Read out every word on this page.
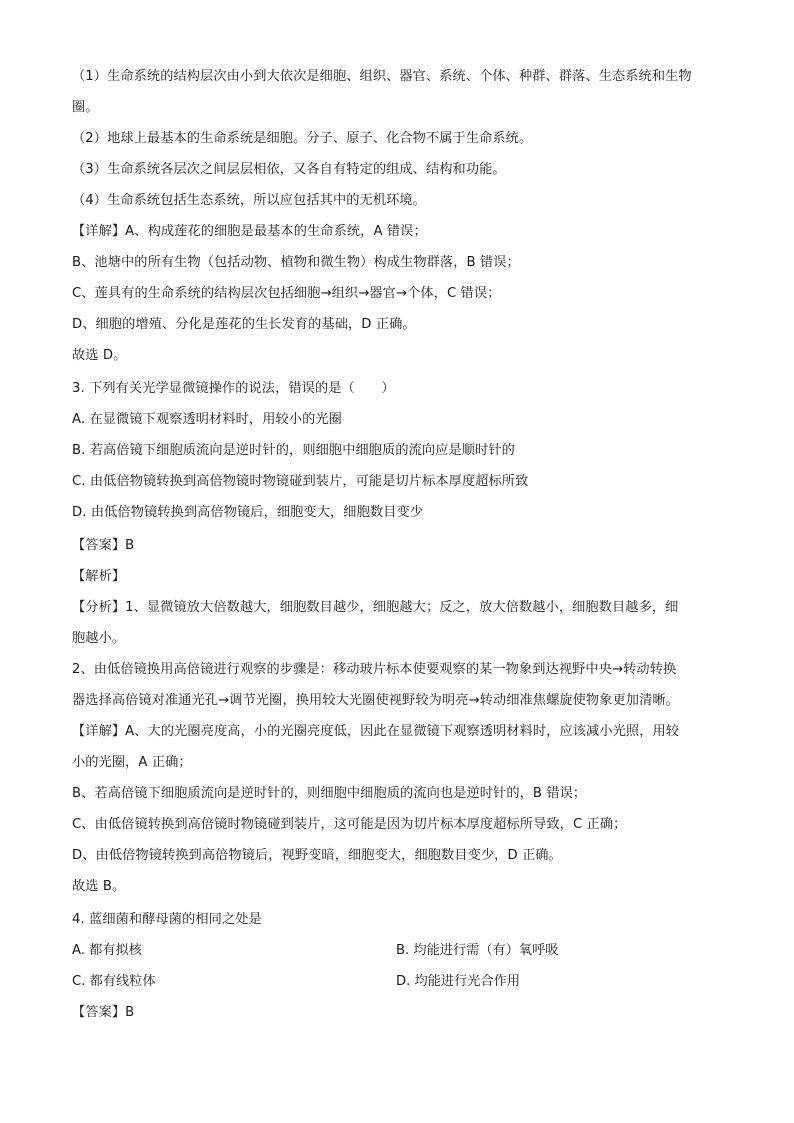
（1）生命系统的结构层次由小到大依次是细胞、组织、器官、系统、个体、种群、群落、生态系统和生物
圈。
（2）地球上最基本的生命系统是细胞。分子、原子、化合物不属于生命系统。
（3）生命系统各层次之间层层相依，又各自有特定的组成、结构和功能。
（4）生命系统包括生态系统，所以应包括其中的无机环境。
【详解】A、构成莲花的细胞是最基本的生命系统，A 错误；
B、池塘中的所有生物（包括动物、植物和微生物）构成生物群落，B 错误；
C、莲具有的生命系统的结构层次包括细胞→组织→器官→个体，C 错误；
D、细胞的增殖、分化是莲花的生长发育的基础，D 正确。
故选 D。
3. 下列有关光学显微镜操作的说法，错误的是（　　）
A. 在显微镜下观察透明材料时，用较小的光圈
B. 若高倍镜下细胞质流向是逆时针的，则细胞中细胞质的流向应是顺时针的
C. 由低倍物镜转换到高倍物镜时物镜碰到装片，可能是切片标本厚度超标所致
D. 由低倍物镜转换到高倍物镜后，细胞变大，细胞数目变少
【答案】B
【解析】
【分析】1、显微镜放大倍数越大，细胞数目越少，细胞越大；反之，放大倍数越小，细胞数目越多，细
胞越小。
2、由低倍镜换用高倍镜进行观察的步骤是：移动玻片标本使要观察的某一物象到达视野中央→转动转换
器选择高倍镜对准通光孔→调节光圈，换用较大光圈使视野较为明亮→转动细准焦螺旋使物象更加清晰。
【详解】A、大的光圈亮度高，小的光圈亮度低，因此在显微镜下观察透明材料时，应该减小光照，用较
小的光圈，A 正确；
B、若高倍镜下细胞质流向是逆时针的，则细胞中细胞质的流向也是逆时针的，B 错误；
C、由低倍镜转换到高倍镜时物镜碰到装片，这可能是因为切片标本厚度超标所导致，C 正确；
D、由低倍物镜转换到高倍物镜后，视野变暗，细胞变大，细胞数目变少，D 正确。
故选 B。
4. 蓝细菌和酵母菌的相同之处是
A. 都有拟核	B. 均能进行需（有）氧呼吸
C. 都有线粒体	D. 均能进行光合作用
【答案】B
